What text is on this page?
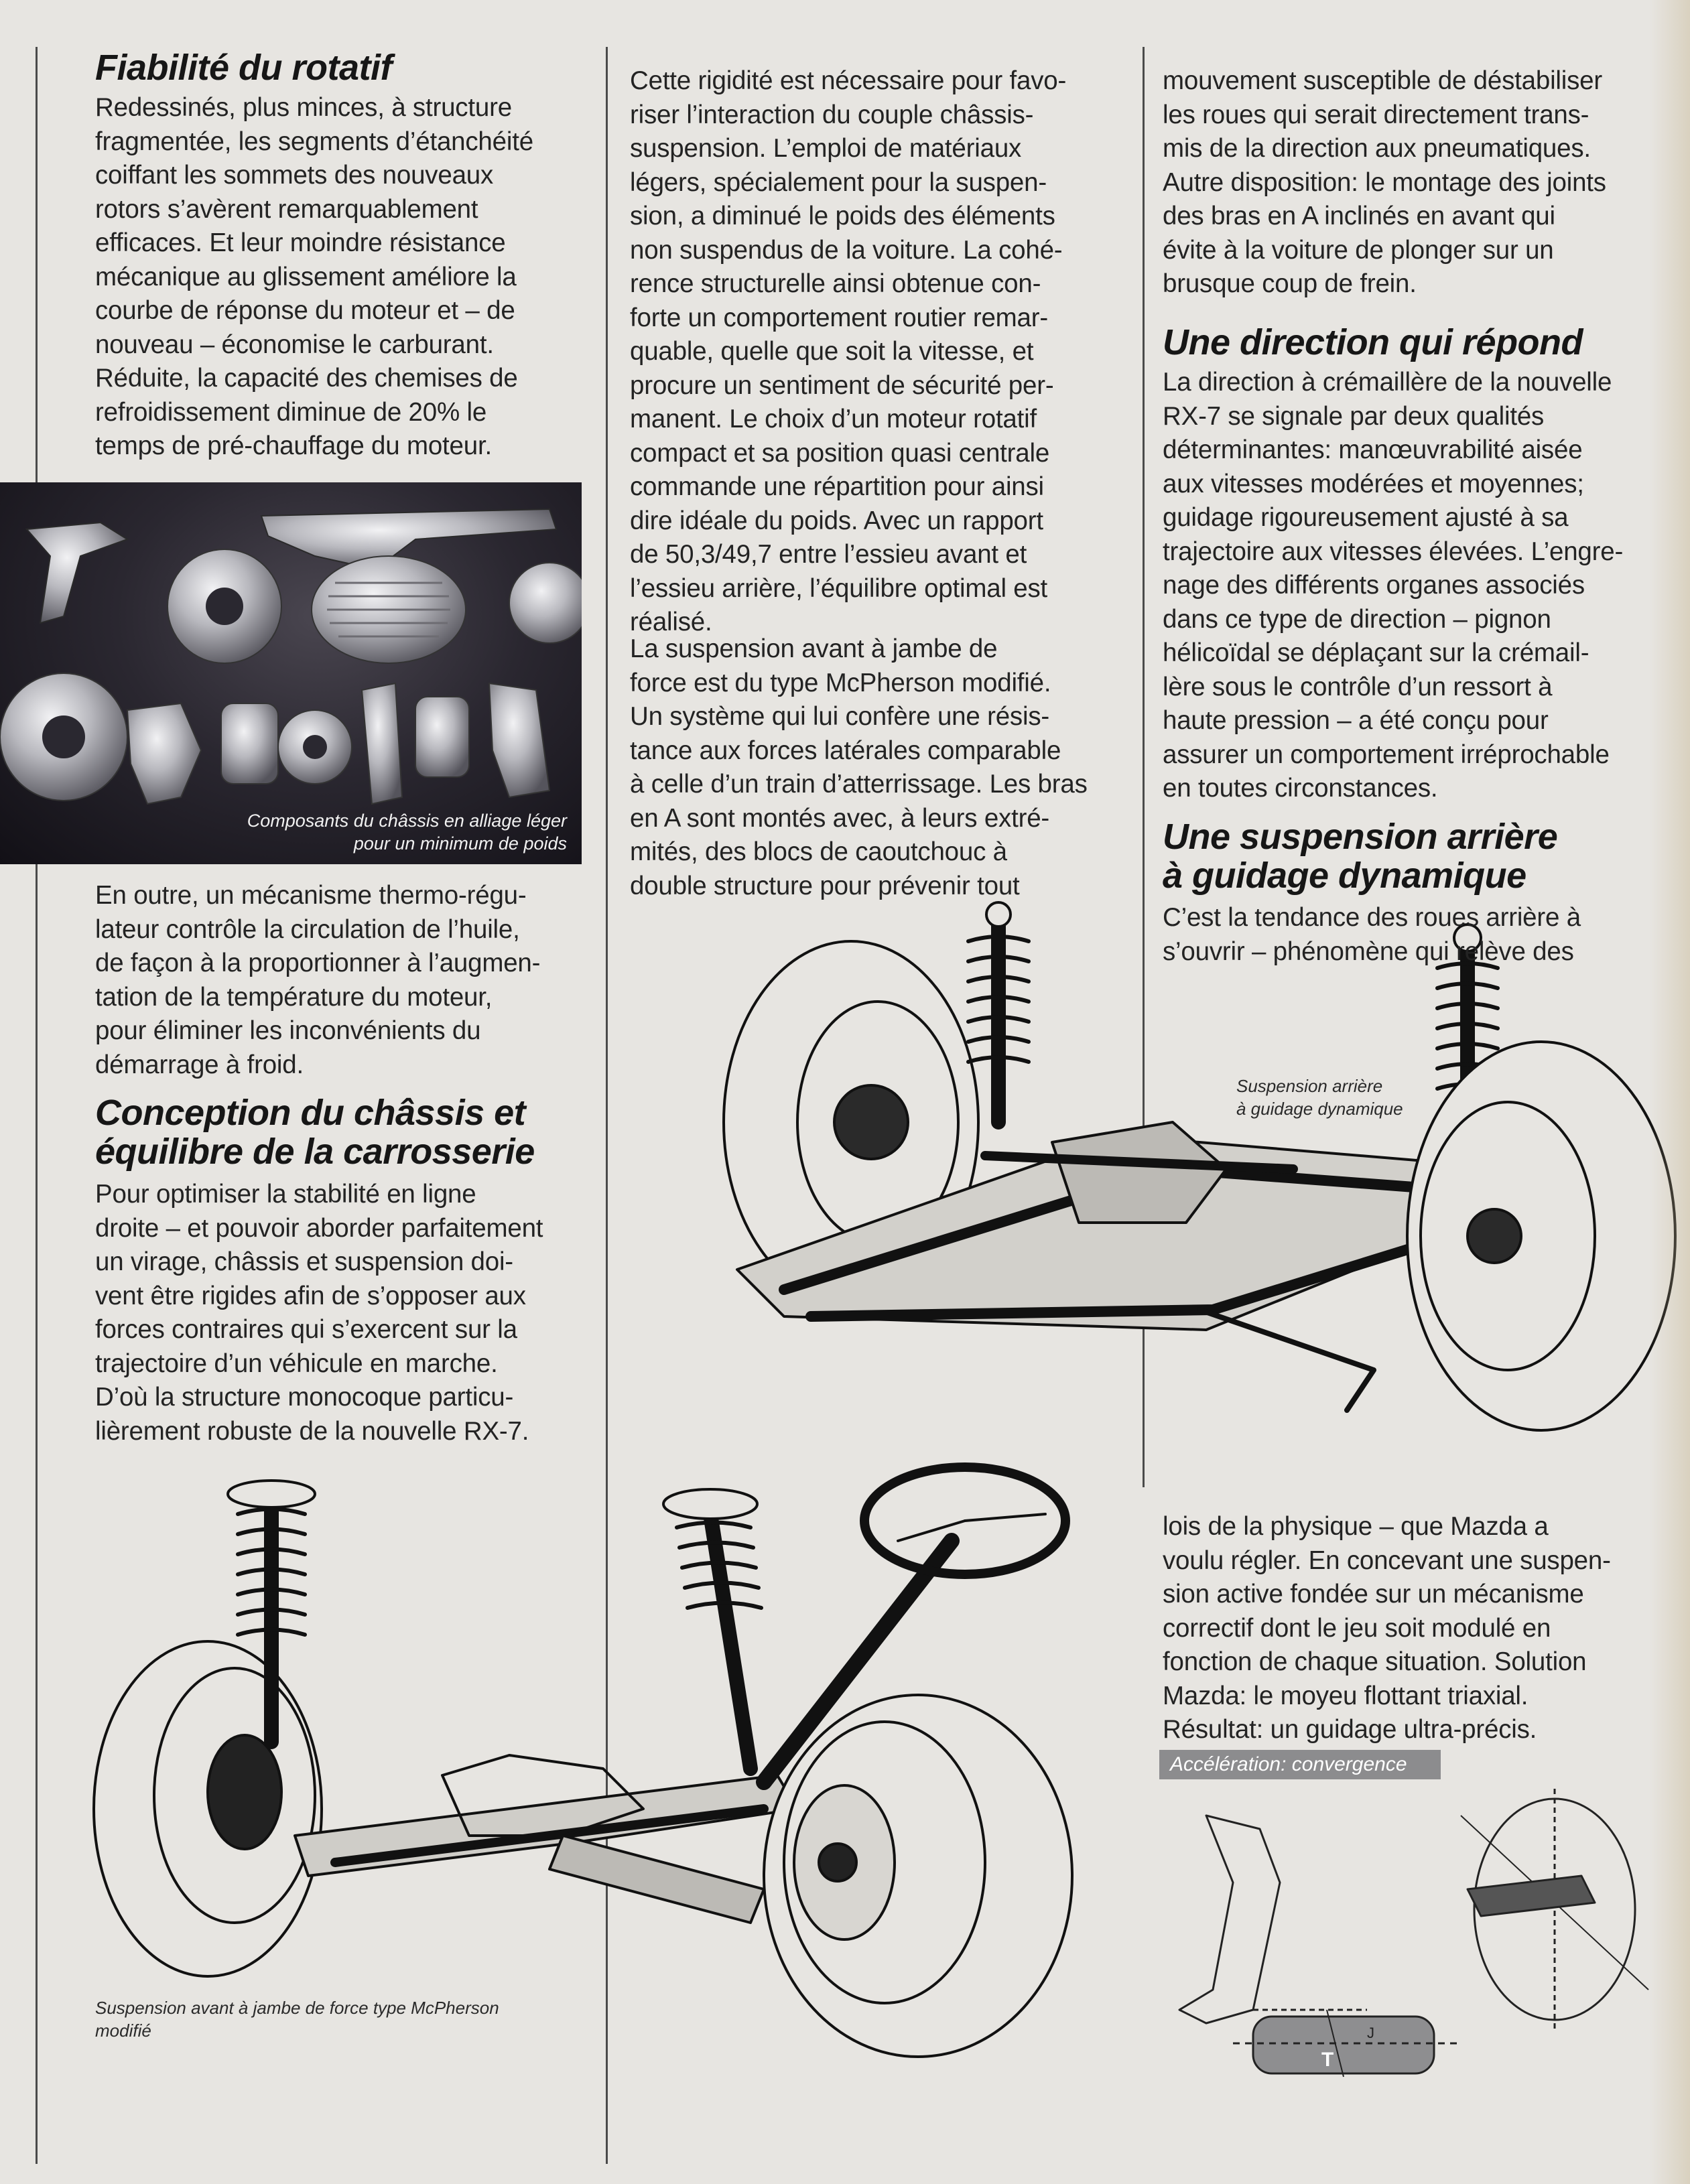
Fiabilité du rotatif

Redessinés, plus minces, à structure
fragmentée, les segments d’étanchéité
coiffant les sommets des nouveaux
rotors s’avèrent remarquablement
efficaces. Et leur moindre résistance
mécanique au glissement améliore la
courbe de réponse du moteur et – de
nouveau – économise le carburant.
Réduite, la capacité des chemises de
refroidissement diminue de 20% le
temps de pré-chauffage du moteur.

Composants du châssis en alliage léger
pour un minimum de poids

En outre, un mécanisme thermo-régu-
lateur contrôle la circulation de l’huile,
de façon à la proportionner à l’augmen-
tation de la température du moteur,
pour éliminer les inconvénients du
démarrage à froid.

Conception du châssis et
équilibre de la carrosserie

Pour optimiser la stabilité en ligne
droite – et pouvoir aborder parfaitement
un virage, châssis et suspension doi-
vent être rigides afin de s’opposer aux
forces contraires qui s’exercent sur la
trajectoire d’un véhicule en marche.
D’où la structure monocoque particu-
lièrement robuste de la nouvelle RX-7.

Suspension avant à jambe de force type McPherson
modifié

Cette rigidité est nécessaire pour favo-
riser l’interaction du couple châssis-
suspension. L’emploi de matériaux
légers, spécialement pour la suspen-
sion, a diminué le poids des éléments
non suspendus de la voiture. La cohé-
rence structurelle ainsi obtenue con-
forte un comportement routier remar-
quable, quelle que soit la vitesse, et
procure un sentiment de sécurité per-
manent. Le choix d’un moteur rotatif
compact et sa position quasi centrale
commande une répartition pour ainsi
dire idéale du poids. Avec un rapport
de 50,3/49,7 entre l’essieu avant et
l’essieu arrière, l’équilibre optimal est
réalisé.

La suspension avant à jambe de
force est du type McPherson modifié.
Un système qui lui confère une résis-
tance aux forces latérales comparable
à celle d’un train d’atterrissage. Les bras
en A sont montés avec, à leurs extré-
mités, des blocs de caoutchouc à
double structure pour prévenir tout

Suspension arrière
à guidage dynamique

mouvement susceptible de déstabiliser
les roues qui serait directement trans-
mis de la direction aux pneumatiques.
Autre disposition: le montage des joints
des bras en A inclinés en avant qui
évite à la voiture de plonger sur un
brusque coup de frein.

Une direction qui répond

La direction à crémaillère de la nouvelle
RX-7 se signale par deux qualités
déterminantes: manœuvrabilité aisée
aux vitesses modérées et moyennes;
guidage rigoureusement ajusté à sa
trajectoire aux vitesses élevées. L’engre-
nage des différents organes associés
dans ce type de direction – pignon
hélicoïdal se déplaçant sur la crémail-
lère sous le contrôle d’un ressort à
haute pression – a été conçu pour
assurer un comportement irréprochable
en toutes circonstances.

Une suspension arrière
à guidage dynamique

C’est la tendance des roues arrière à
s’ouvrir – phénomène qui relève des

lois de la physique – que Mazda a
voulu régler. En concevant une suspen-
sion active fondée sur un mécanisme
correctif dont le jeu soit modulé en
fonction de chaque situation. Solution
Mazda: le moyeu flottant triaxial.
Résultat: un guidage ultra-précis.

Accélération: convergence

J
T
